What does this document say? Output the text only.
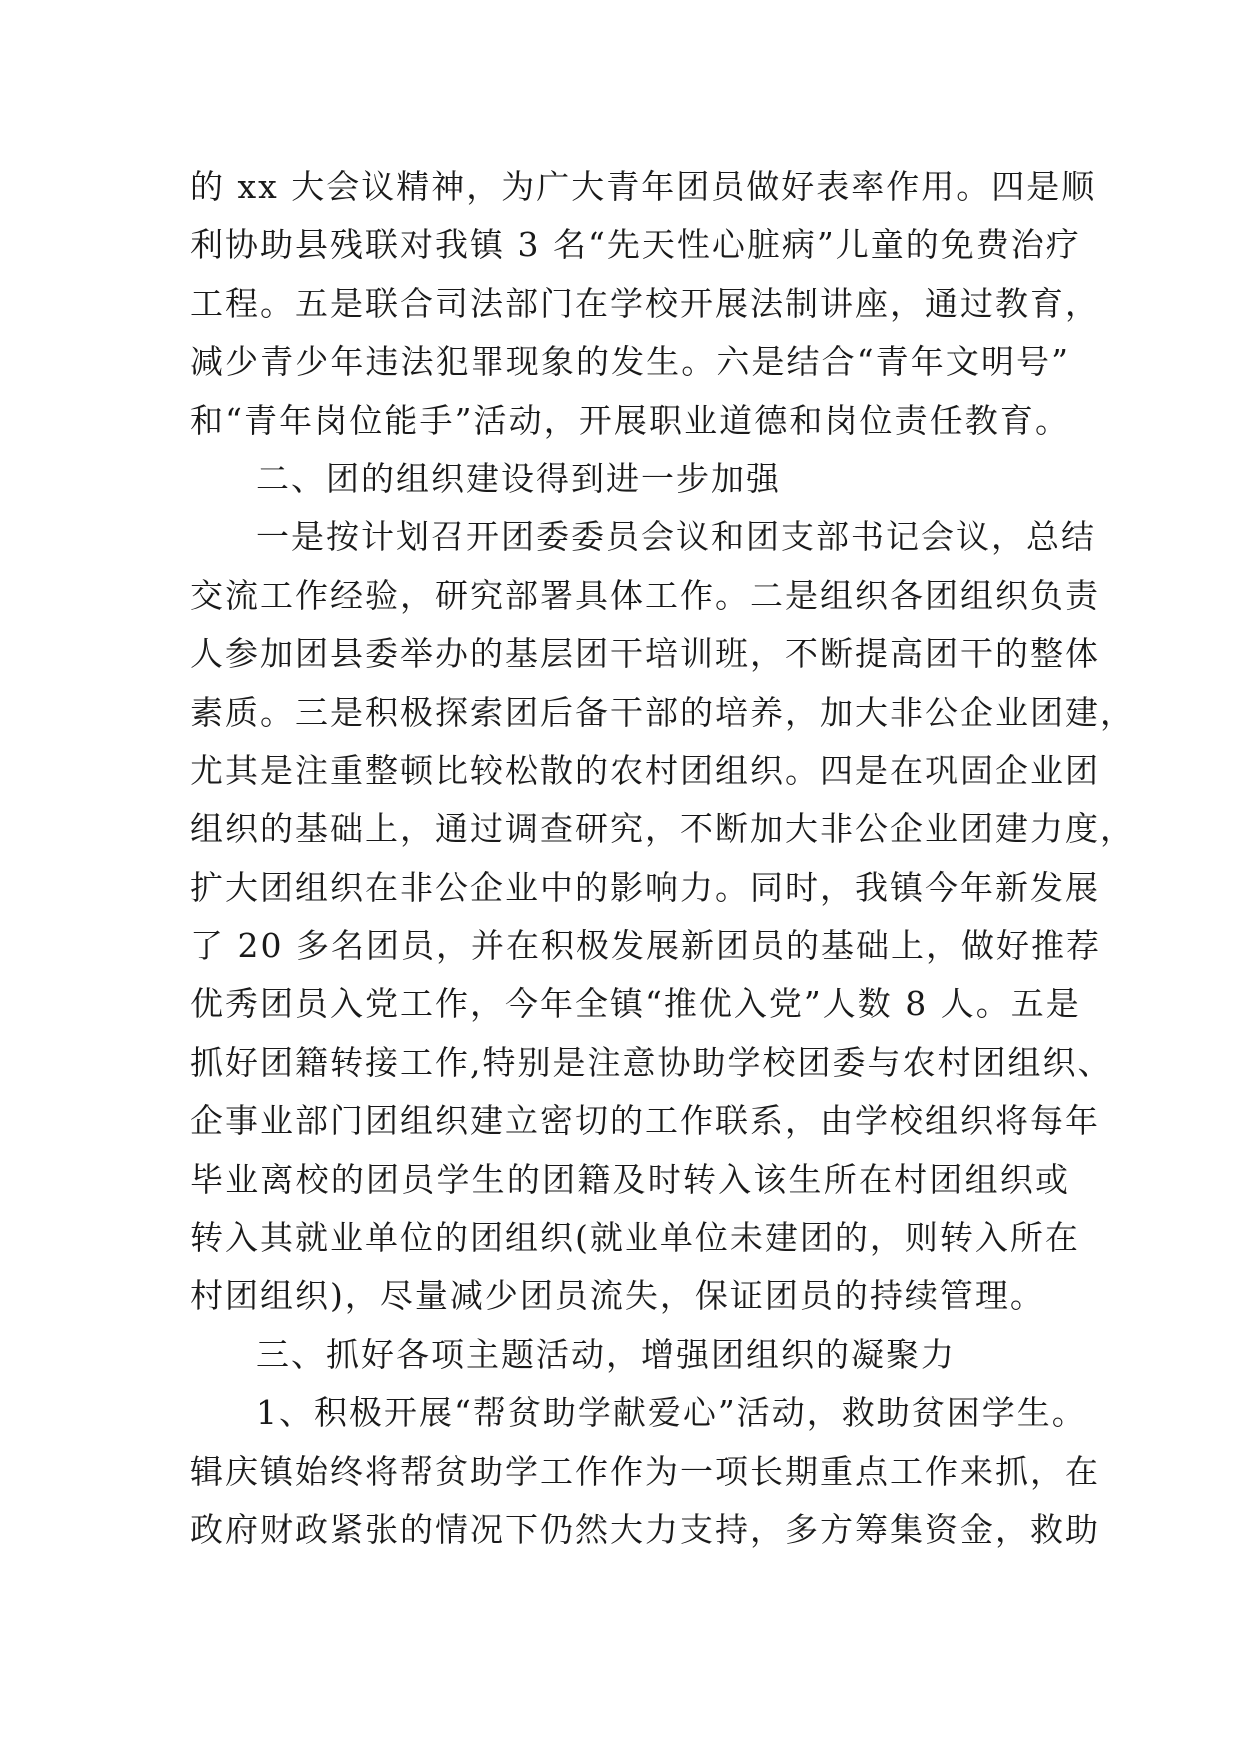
的 xx 大会议精神，为广大青年团员做好表率作用。四是顺
利协助县残联对我镇 3 名“先天性心脏病”儿童的免费治疗
工程。五是联合司法部门在学校开展法制讲座，通过教育，
减少青少年违法犯罪现象的发生。六是结合“青年文明号”
和“青年岗位能手”活动，开展职业道德和岗位责任教育。
二、团的组织建设得到进一步加强
一是按计划召开团委委员会议和团支部书记会议，总结
交流工作经验，研究部署具体工作。二是组织各团组织负责
人参加团县委举办的基层团干培训班，不断提高团干的整体
素质。三是积极探索团后备干部的培养，加大非公企业团建，
尤其是注重整顿比较松散的农村团组织。四是在巩固企业团
组织的基础上，通过调查研究，不断加大非公企业团建力度，
扩大团组织在非公企业中的影响力。同时，我镇今年新发展
了 20 多名团员，并在积极发展新团员的基础上，做好推荐
优秀团员入党工作，今年全镇“推优入党”人数 8 人。五是
抓好团籍转接工作,特别是注意协助学校团委与农村团组织、
企事业部门团组织建立密切的工作联系，由学校组织将每年
毕业离校的团员学生的团籍及时转入该生所在村团组织或
转入其就业单位的团组织(就业单位未建团的，则转入所在
村团组织)，尽量减少团员流失，保证团员的持续管理。
三、抓好各项主题活动，增强团组织的凝聚力
1、积极开展“帮贫助学献爱心”活动，救助贫困学生。
辑庆镇始终将帮贫助学工作作为一项长期重点工作来抓，在
政府财政紧张的情况下仍然大力支持，多方筹集资金，救助
